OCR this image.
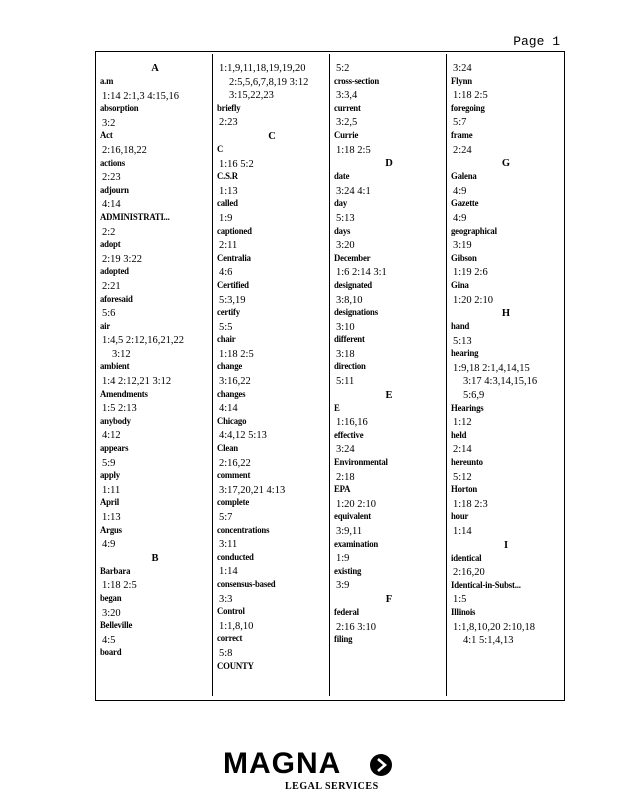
Page 1
A
a.m
1:14 2:1,3 4:15,16
absorption
3:2
Act
2:16,18,22
actions
2:23
adjourn
4:14
ADMINISTRATI...
2:2
adopt
2:19 3:22
adopted
2:21
aforesaid
5:6
air
1:4,5 2:12,16,21,22
3:12
ambient
1:4 2:12,21 3:12
Amendments
1:5 2:13
anybody
4:12
appears
5:9
apply
1:11
April
1:13
Argus
4:9
B
Barbara
1:18 2:5
began
3:20
Belleville
4:5
board
1:1,9,11,18,19,19,20
2:5,5,6,7,8,19 3:12
3:15,22,23
briefly
2:23
C
C
1:16 5:2
C.S.R
1:13
called
1:9
captioned
2:11
Centralia
4:6
Certified
5:3,19
certify
5:5
chair
1:18 2:5
change
3:16,22
changes
4:14
Chicago
4:4,12 5:13
Clean
2:16,22
comment
3:17,20,21 4:13
complete
5:7
concentrations
3:11
conducted
1:14
consensus-based
3:3
Control
1:1,8,10
correct
5:8
COUNTY
5:2
cross-section
3:3,4
current
3:2,5
Currie
1:18 2:5
D
date
3:24 4:1
day
5:13
days
3:20
December
1:6 2:14 3:1
designated
3:8,10
designations
3:10
different
3:18
direction
5:11
E
E
1:16,16
effective
3:24
Environmental
2:18
EPA
1:20 2:10
equivalent
3:9,11
examination
1:9
existing
3:9
F
federal
2:16 3:10
filing
3:24
Flynn
1:18 2:5
foregoing
5:7
frame
2:24
G
Galena
4:9
Gazette
4:9
geographical
3:19
Gibson
1:19 2:6
Gina
1:20 2:10
H
hand
5:13
hearing
1:9,18 2:1,4,14,15
3:17 4:3,14,15,16
5:6,9
Hearings
1:12
held
2:14
hereunto
5:12
Horton
1:18 2:3
hour
1:14
I
identical
2:16,20
Identical-in-Subst...
1:5
Illinois
1:1,8,10,20 2:10,18
4:1 5:1,4,13
MAGNA
LEGAL SERVICES
